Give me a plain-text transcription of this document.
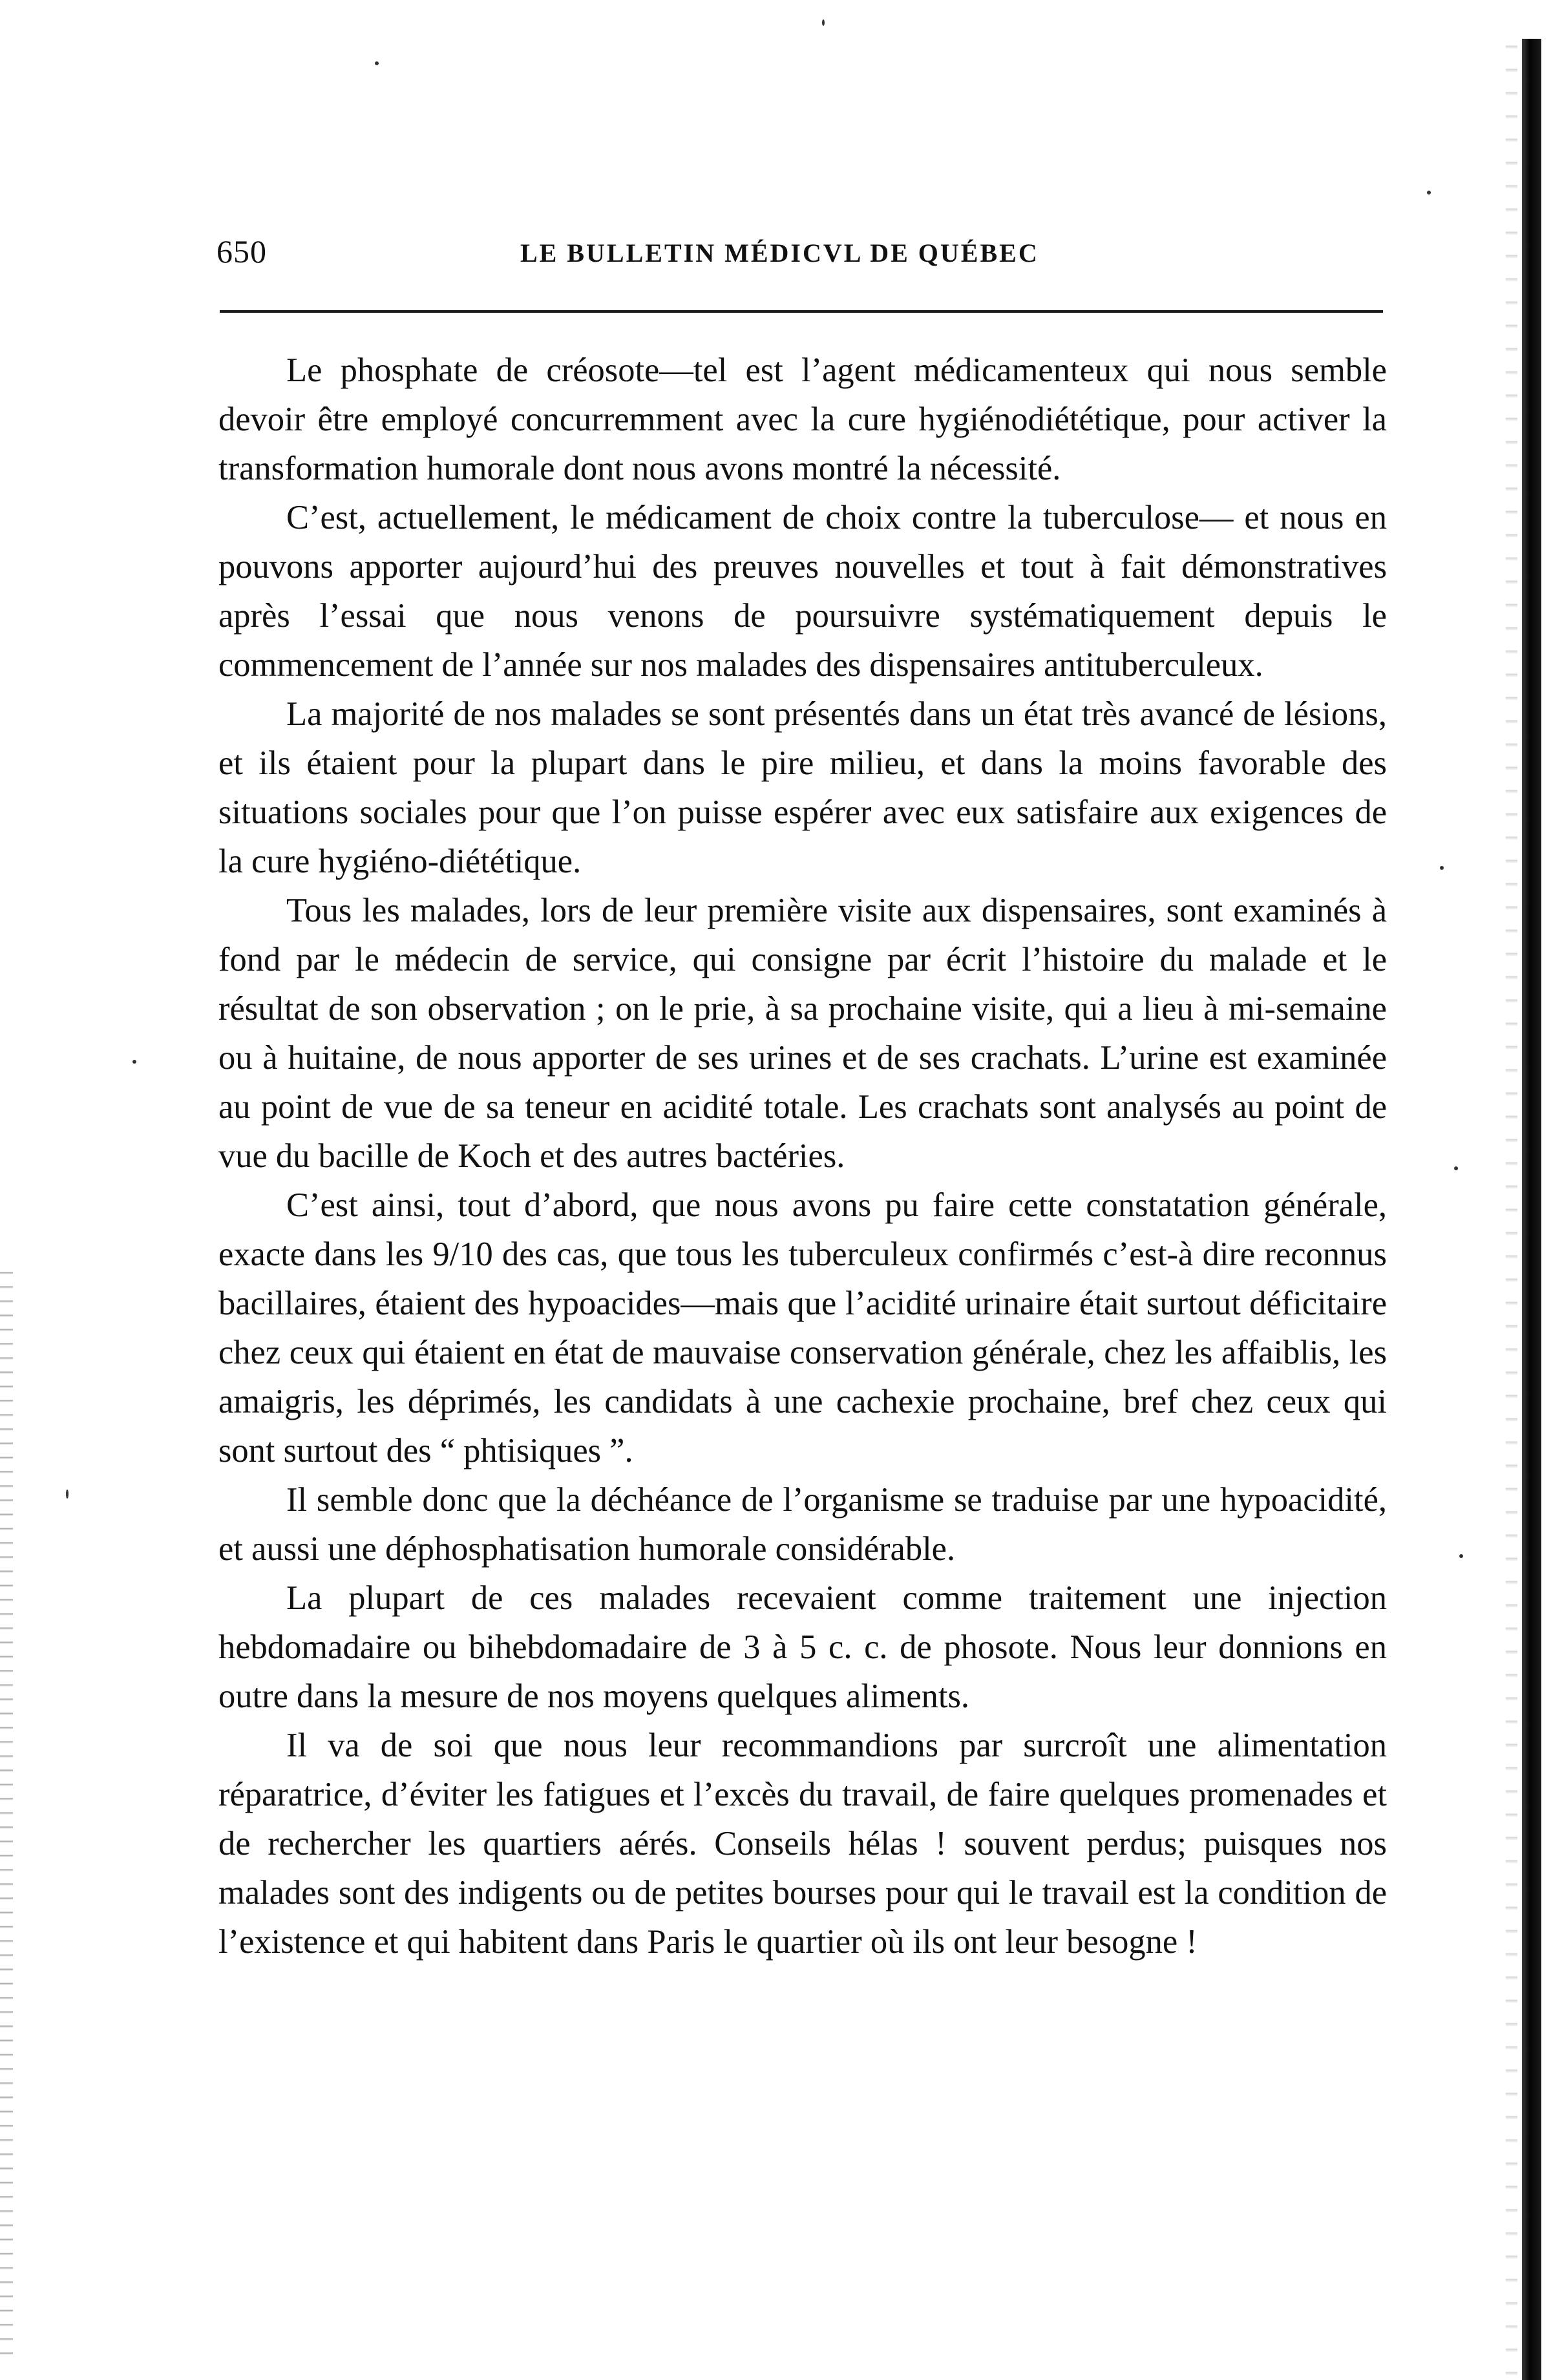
650	LE BULLETIN MÉDICVL DE QUÉBEC

Le phosphate de créosote—tel est l’agent médicamenteux qui nous semble devoir être employé concurremment avec la cure hygiénodiététique, pour activer la transformation humorale dont nous avons montré la nécessité.

C’est, actuellement, le médicament de choix contre la tuberculose— et nous en pouvons apporter aujourd’hui des preuves nouvelles et tout à fait démonstratives après l’essai que nous venons de poursuivre systématiquement depuis le commencement de l’année sur nos malades des dispensaires antituberculeux.

La majorité de nos malades se sont présentés dans un état très avancé de lésions, et ils étaient pour la plupart dans le pire milieu, et dans la moins favorable des situations sociales pour que l’on puisse espérer avec eux satisfaire aux exigences de la cure hygiéno-diététique.

Tous les malades, lors de leur première visite aux dispensaires, sont examinés à fond par le médecin de service, qui consigne par écrit l’histoire du malade et le résultat de son observation ; on le prie, à sa prochaine visite, qui a lieu à mi-semaine ou à huitaine, de nous apporter de ses urines et de ses crachats. L’urine est examinée au point de vue de sa teneur en acidité totale. Les crachats sont analysés au point de vue du bacille de Koch et des autres bactéries.

C’est ainsi, tout d’abord, que nous avons pu faire cette constatation générale, exacte dans les 9/10 des cas, que tous les tuberculeux confirmés c’est-à dire reconnus bacillaires, étaient des hypoacides—mais que l’acidité urinaire était surtout déficitaire chez ceux qui étaient en état de mauvaise conservation générale, chez les affaiblis, les amaigris, les déprimés, les candidats à une cachexie prochaine, bref chez ceux qui sont surtout des “ phtisiques ”.

Il semble donc que la déchéance de l’organisme se traduise par une hypoacidité, et aussi une déphosphatisation humorale considérable.

La plupart de ces malades recevaient comme traitement une injection hebdomadaire ou bihebdomadaire de 3 à 5 c. c. de phosote. Nous leur donnions en outre dans la mesure de nos moyens quelques aliments.

Il va de soi que nous leur recommandions par surcroît une alimentation réparatrice, d’éviter les fatigues et l’excès du travail, de faire quelques promenades et de rechercher les quartiers aérés. Conseils hélas ! souvent perdus; puisques nos malades sont des indigents ou de petites bourses pour qui le travail est la condition de l’existence et qui habitent dans Paris le quartier où ils ont leur besogne !
